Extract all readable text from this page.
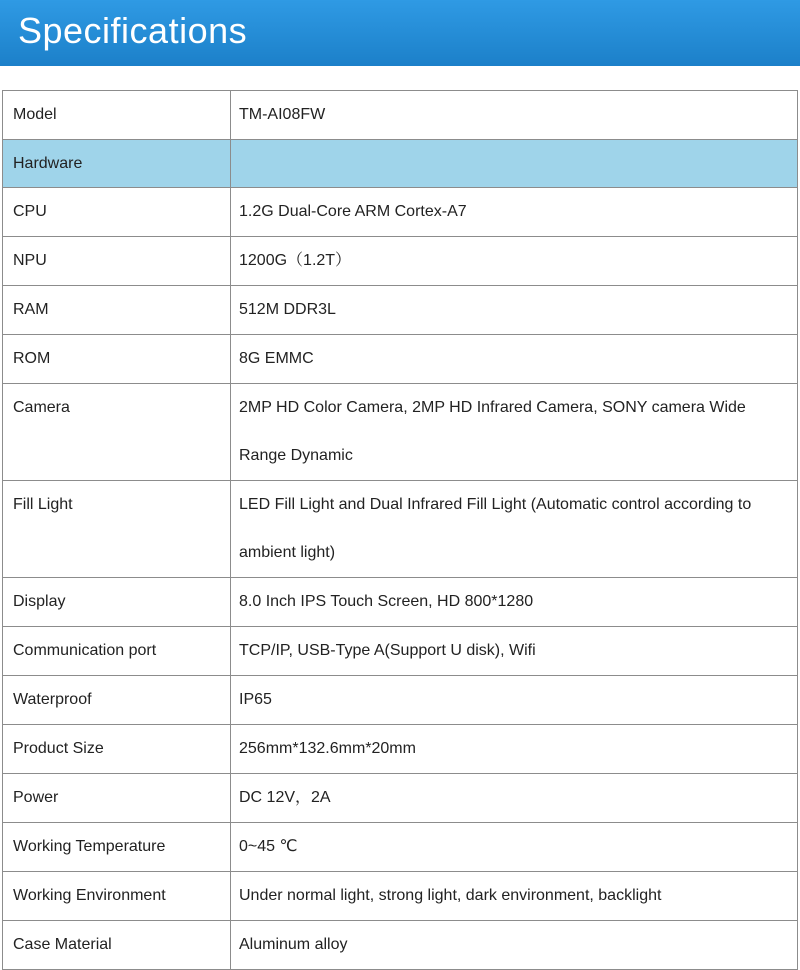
Specifications
Model	TM-AI08FW
Hardware	
CPU	1.2G Dual-Core ARM Cortex-A7
NPU	1200G（1.2T）
RAM	512M DDR3L
ROM	8G EMMC
Camera	2MP HD Color Camera, 2MP HD Infrared Camera, SONY camera Wide Range Dynamic
Fill Light	LED Fill Light and Dual Infrared Fill Light (Automatic control according to ambient light)
Display	8.0 Inch IPS Touch Screen, HD 800*1280
Communication port	TCP/IP, USB-Type A(Support U disk), Wifi
Waterproof	IP65
Product Size	256mm*132.6mm*20mm
Power	DC 12V，2A
Working Temperature	0~45 ℃
Working Environment	Under normal light, strong light, dark environment, backlight
Case Material	Aluminum alloy
